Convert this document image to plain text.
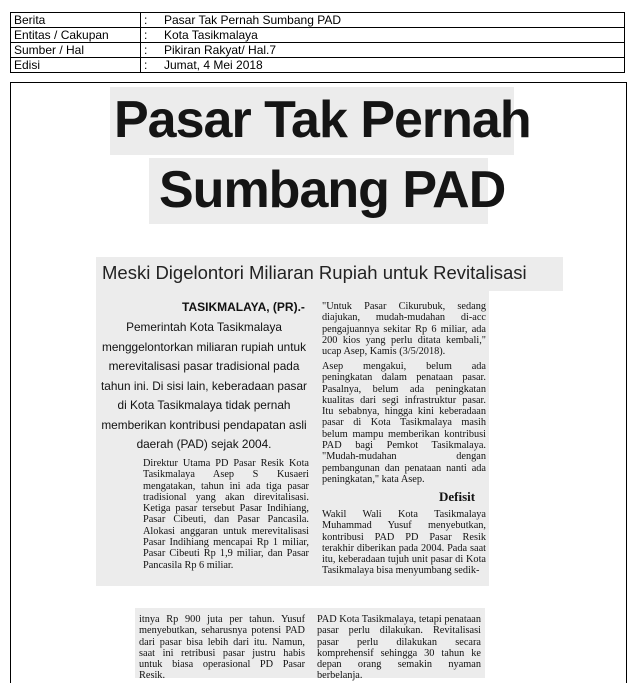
Berita	:	Pasar Tak Pernah Sumbang PAD
Entitas / Cakupan	:	Kota Tasikmalaya
Sumber / Hal	:	Pikiran Rakyat/ Hal.7
Edisi	:	Jumat, 4 Mei 2018
Pasar Tak Pernah
Sumbang PAD
Meski Digelontori Miliaran Rupiah untuk Revitalisasi
TASIKMALAYA, (PR).-
Pemerintah Kota Tasikmalaya menggelontorkan miliaran rupiah untuk merevitalisasi pasar tradisional pada tahun ini. Di sisi lain, keberadaan pasar di Kota Tasikmalaya tidak pernah memberikan kontribusi pendapatan asli daerah (PAD) sejak 2004.
Direktur Utama PD Pasar Resik Kota Tasikmalaya Asep S Kusaeri mengatakan, tahun ini ada tiga pasar tradisional yang akan direvitalisasi. Ketiga pasar tersebut Pasar Indihiang, Pasar Cibeuti, dan Pasar Pancasila. Alokasi anggaran untuk merevitalisasi Pasar Indihiang mencapai Rp 1 miliar, Pasar Cibeuti Rp 1,9 miliar, dan Pasar Pancasila Rp 6 miliar.
"Untuk Pasar Cikurubuk, sedang diajukan, mudah-mudahan di-acc pengajuannya sekitar Rp 6 miliar, ada 200 kios yang perlu ditata kembali," ucap Asep, Kamis (3/5/2018).
Asep mengakui, belum ada peningkatan dalam penataan pasar. Pasalnya, belum ada peningkatan kualitas dari segi infrastruktur pasar. Itu sebabnya, hingga kini keberadaan pasar di Kota Tasikmalaya masih belum mampu memberikan kontribusi PAD bagi Pemkot Tasikmalaya. "Mudah-mudahan dengan pembangunan dan penataan nanti ada peningkatan," kata Asep.
Defisit
Wakil Wali Kota Tasikmalaya Muhammad Yusuf menyebutkan, kontribusi PAD PD Pasar Resik terakhir diberikan pada 2004. Pada saat itu, keberadaan tujuh unit pasar di Kota Tasikmalaya bisa menyumbang sedik-
itnya Rp 900 juta per tahun. Yusuf menyebutkan, seharusnya potensi PAD dari pasar bisa lebih dari itu. Namun, saat ini retribusi pasar justru habis untuk biasa operasional PD Pasar Resik.
PAD Kota Tasikmalaya, tetapi penataan pasar perlu dilakukan. Revitalisasi pasar perlu dilakukan secara komprehensif sehingga 30 tahun ke depan orang semakin nyaman berbelanja.
